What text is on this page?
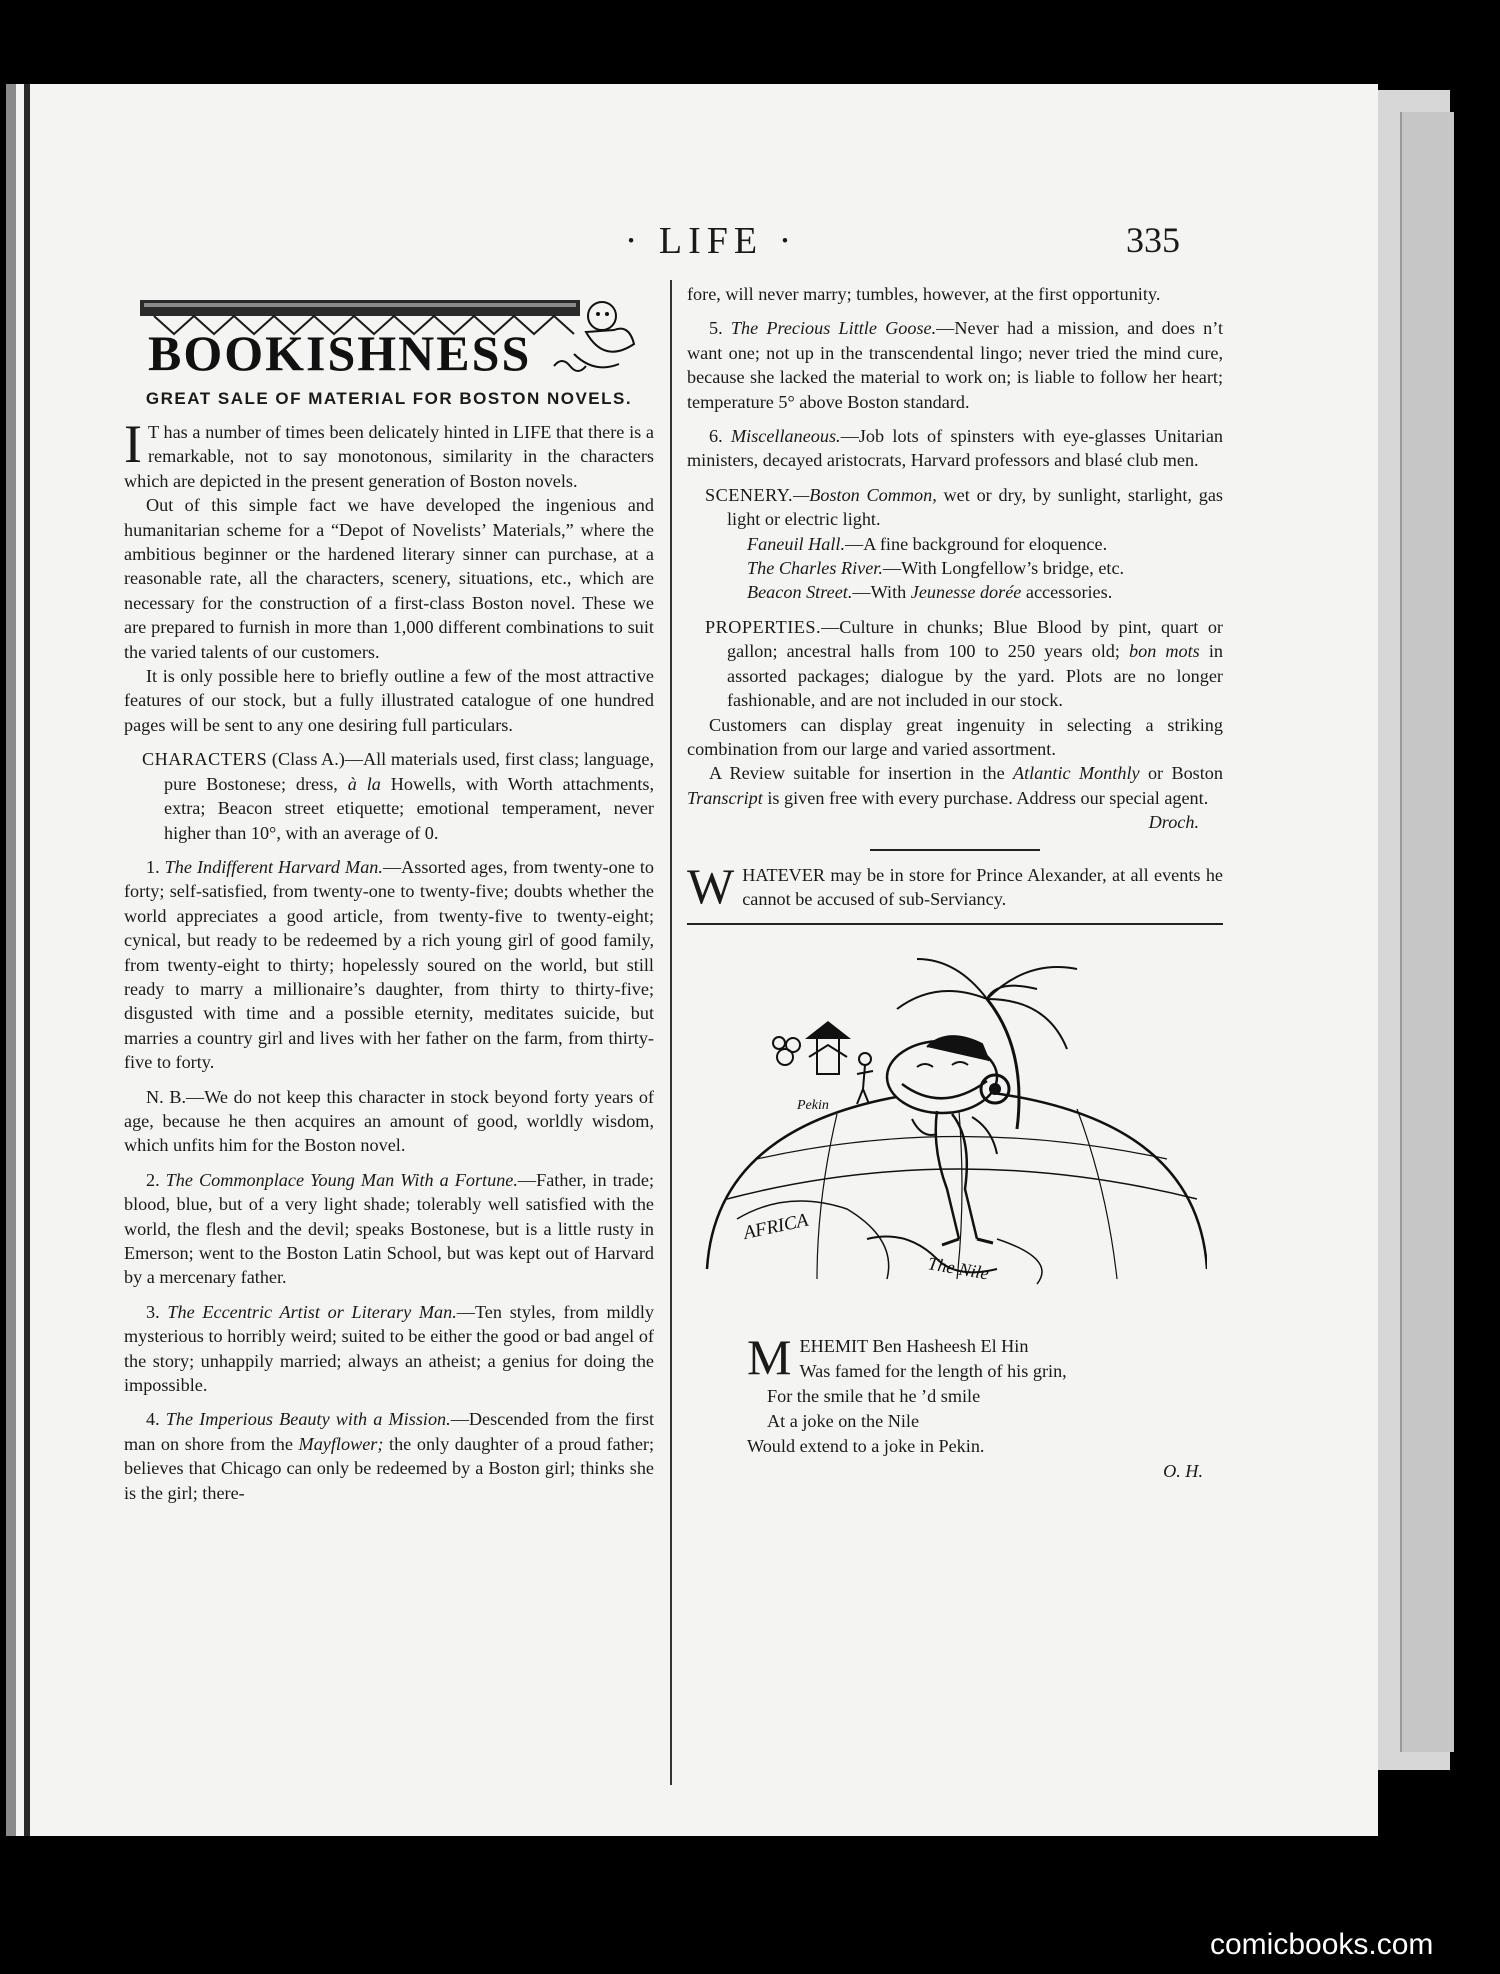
· LIFE ·	335
BOOKISHNESS
GREAT SALE OF MATERIAL FOR BOSTON NOVELS.

I T has a number of times been delicately hinted in LIFE that there is a remarkable, not to say monotonous, similarity in the characters which are depicted in the present generation of Boston novels.

Out of this simple fact we have developed the ingenious and humanitarian scheme for a “Depot of Novelists’ Materials,” where the ambitious beginner or the hardened literary sinner can purchase, at a reasonable rate, all the characters, scenery, situations, etc., which are necessary for the construction of a first-class Boston novel. These we are prepared to furnish in more than 1,000 different combinations to suit the varied talents of our customers.

It is only possible here to briefly outline a few of the most attractive features of our stock, but a fully illustrated catalogue of one hundred pages will be sent to any one desiring full particulars.

CHARACTERS (Class A.)—All materials used, first class; language, pure Bostonese; dress, à la Howells, with Worth attachments, extra; Beacon street etiquette; emotional temperament, never higher than 10°, with an average of 0.

1. The Indifferent Harvard Man.—Assorted ages, from twenty-one to forty; self-satisfied, from twenty-one to twenty-five; doubts whether the world appreciates a good article, from twenty-five to twenty-eight; cynical, but ready to be redeemed by a rich young girl of good family, from twenty-eight to thirty; hopelessly soured on the world, but still ready to marry a millionaire’s daughter, from thirty to thirty-five; disgusted with time and a possible eternity, meditates suicide, but marries a country girl and lives with her father on the farm, from thirty-five to forty.

N. B.—We do not keep this character in stock beyond forty years of age, because he then acquires an amount of good, worldly wisdom, which unfits him for the Boston novel.

2. The Commonplace Young Man With a Fortune.—Father, in trade; blood, blue, but of a very light shade; tolerably well satisfied with the world, the flesh and the devil; speaks Bostonese, but is a little rusty in Emerson; went to the Boston Latin School, but was kept out of Harvard by a mercenary father.

3. The Eccentric Artist or Literary Man.—Ten styles, from mildly mysterious to horribly weird; suited to be either the good or bad angel of the story; unhappily married; always an atheist; a genius for doing the impossible.

4. The Imperious Beauty with a Mission.—Descended from the first man on shore from the Mayflower; the only daughter of a proud father; believes that Chicago can only be redeemed by a Boston girl; thinks she is the girl; there-

fore, will never marry; tumbles, however, at the first opportunity.

5. The Precious Little Goose.—Never had a mission, and does n’t want one; not up in the transcendental lingo; never tried the mind cure, because she lacked the material to work on; is liable to follow her heart; temperature 5° above Boston standard.

6. Miscellaneous.—Job lots of spinsters with eye-glasses Unitarian ministers, decayed aristocrats, Harvard professors and blasé club men.

SCENERY.—Boston Common, wet or dry, by sunlight, starlight, gas light or electric light.

Faneuil Hall.—A fine background for eloquence.

The Charles River.—With Longfellow’s bridge, etc.

Beacon Street.—With Jeunesse dorée accessories.

PROPERTIES.—Culture in chunks; Blue Blood by pint, quart or gallon; ancestral halls from 100 to 250 years old; bon mots in assorted packages; dialogue by the yard. Plots are no longer fashionable, and are not included in our stock.

Customers can display great ingenuity in selecting a striking combination from our large and varied assortment.

A Review suitable for insertion in the Atlantic Monthly or Boston Transcript is given free with every purchase. Address our special agent.

Droch.

WHATEVER may be in store for Prince Alexander, at all events he cannot be accused of sub-Serviancy.

Pekin
AFRICA
The Nile

MEHEMIT Ben Hasheesh El Hin

Was famed for the length of his grin,

For the smile that he ’d smile

At a joke on the Nile

Would extend to a joke in Pekin.

O. H.

comicbooks.com
